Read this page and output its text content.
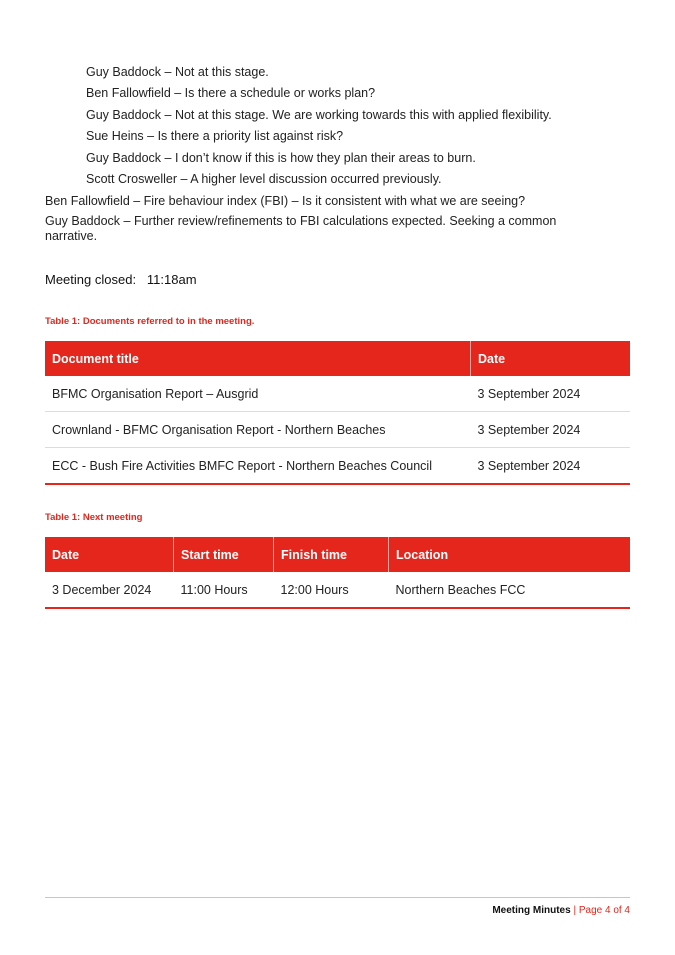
Guy Baddock – Not at this stage.
Ben Fallowfield – Is there a schedule or works plan?
Guy Baddock – Not at this stage. We are working towards this with applied flexibility.
Sue Heins – Is there a priority list against risk?
Guy Baddock – I don’t know if this is how they plan their areas to burn.
Scott Crosweller – A higher level discussion occurred previously.
Ben Fallowfield – Fire behaviour index (FBI) – Is it consistent with what we are seeing?
Guy Baddock – Further review/refinements to FBI calculations expected. Seeking a common narrative.
Meeting closed: 11:18am
Table 1: Documents referred to in the meeting.
Document title	Date
BFMC Organisation Report – Ausgrid	3 September 2024
Crownland - BFMC Organisation Report - Northern Beaches	3 September 2024
ECC - Bush Fire Activities BMFC Report - Northern Beaches Council	3 September 2024
Table 1: Next meeting
Date	Start time	Finish time	Location
3 December 2024	11:00 Hours	12:00 Hours	Northern Beaches FCC
Meeting Minutes | Page 4 of 4
